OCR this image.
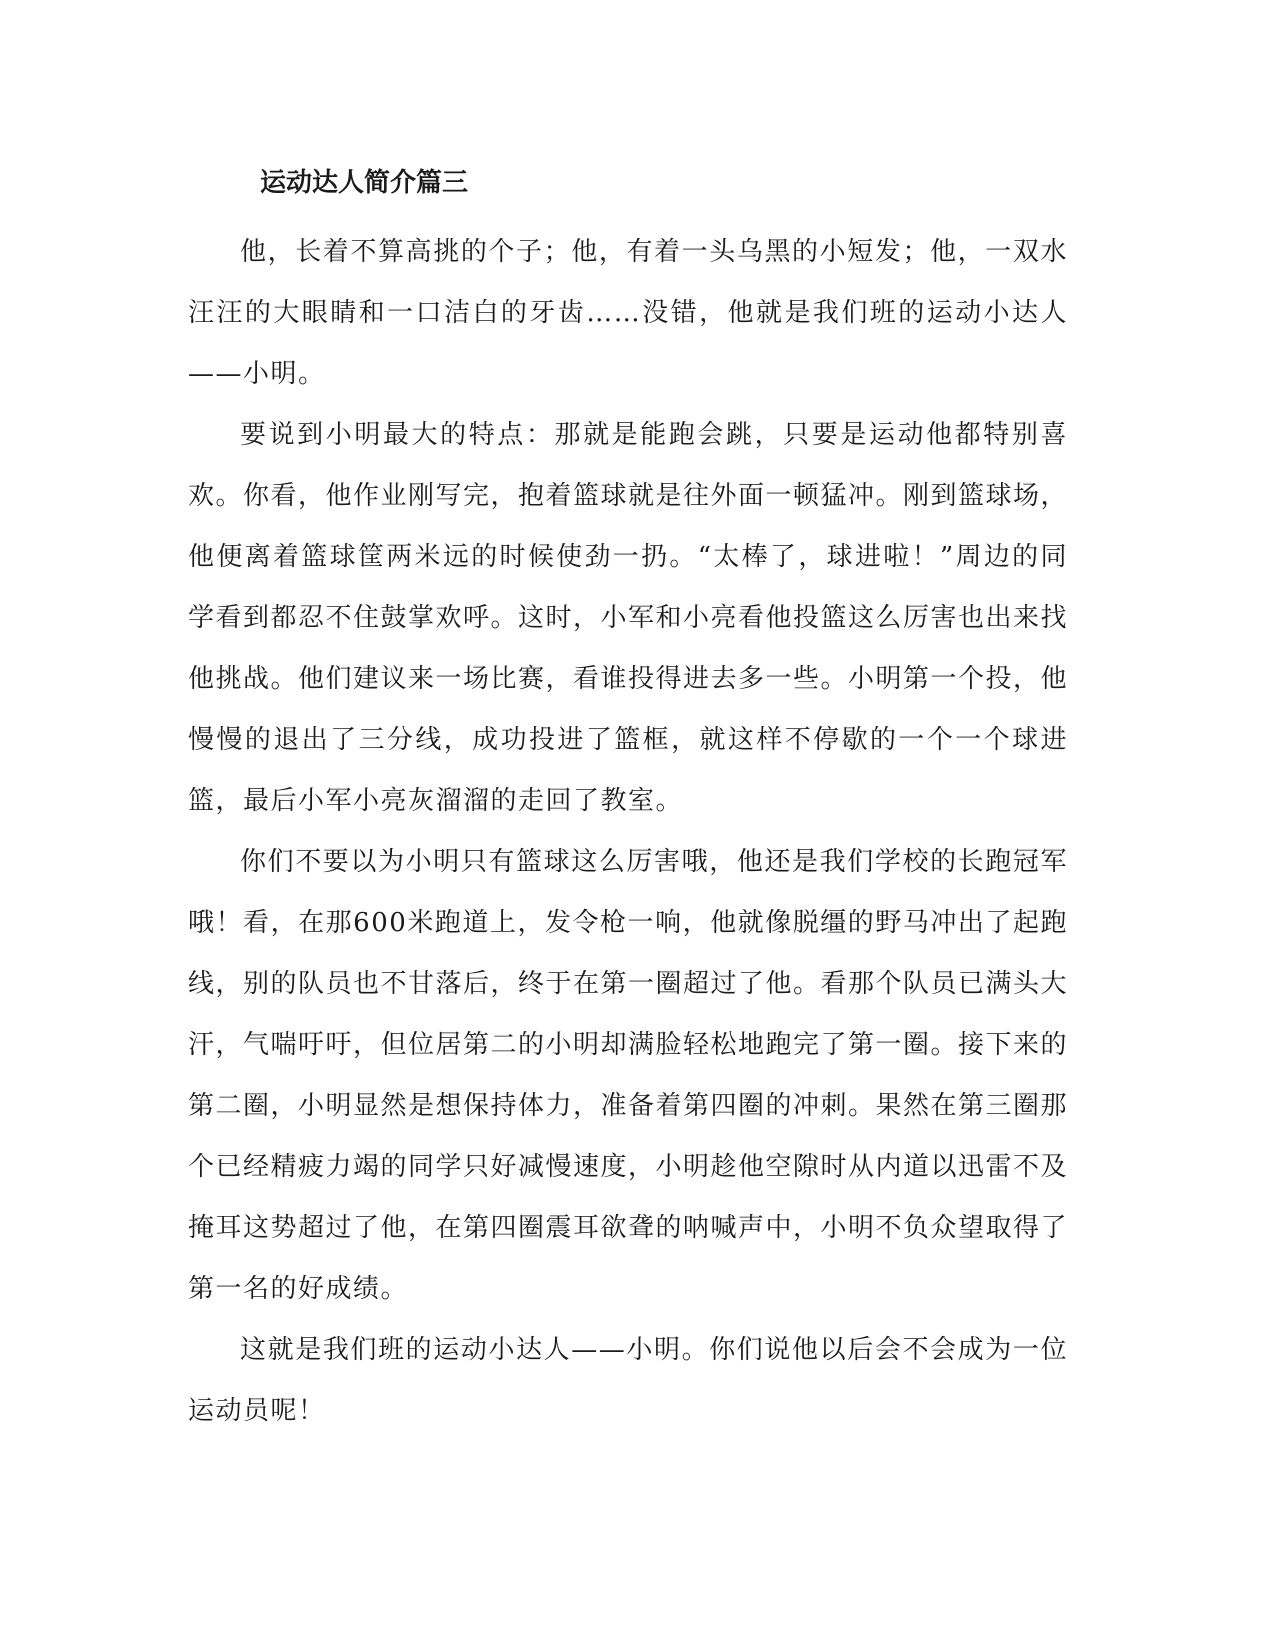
运动达人简介篇三

他，长着不算高挑的个子；他，有着一头乌黑的小短发；他，一双水汪汪的大眼睛和一口洁白的牙齿……没错，他就是我们班的运动小达人——小明。

要说到小明最大的特点：那就是能跑会跳，只要是运动他都特别喜欢。你看，他作业刚写完，抱着篮球就是往外面一顿猛冲。刚到篮球场，他便离着篮球筐两米远的时候使劲一扔。“太棒了，球进啦！”周边的同学看到都忍不住鼓掌欢呼。这时，小军和小亮看他投篮这么厉害也出来找他挑战。他们建议来一场比赛，看谁投得进去多一些。小明第一个投，他慢慢的退出了三分线，成功投进了篮框，就这样不停歇的一个一个球进篮，最后小军小亮灰溜溜的走回了教室。

你们不要以为小明只有篮球这么厉害哦，他还是我们学校的长跑冠军哦！看，在那600米跑道上，发令枪一响，他就像脱缰的野马冲出了起跑线，别的队员也不甘落后，终于在第一圈超过了他。看那个队员已满头大汗，气喘吁吁，但位居第二的小明却满脸轻松地跑完了第一圈。接下来的第二圈，小明显然是想保持体力，准备着第四圈的冲刺。果然在第三圈那个已经精疲力竭的同学只好减慢速度，小明趁他空隙时从内道以迅雷不及掩耳这势超过了他，在第四圈震耳欲聋的呐喊声中，小明不负众望取得了第一名的好成绩。

这就是我们班的运动小达人——小明。你们说他以后会不会成为一位运动员呢！
